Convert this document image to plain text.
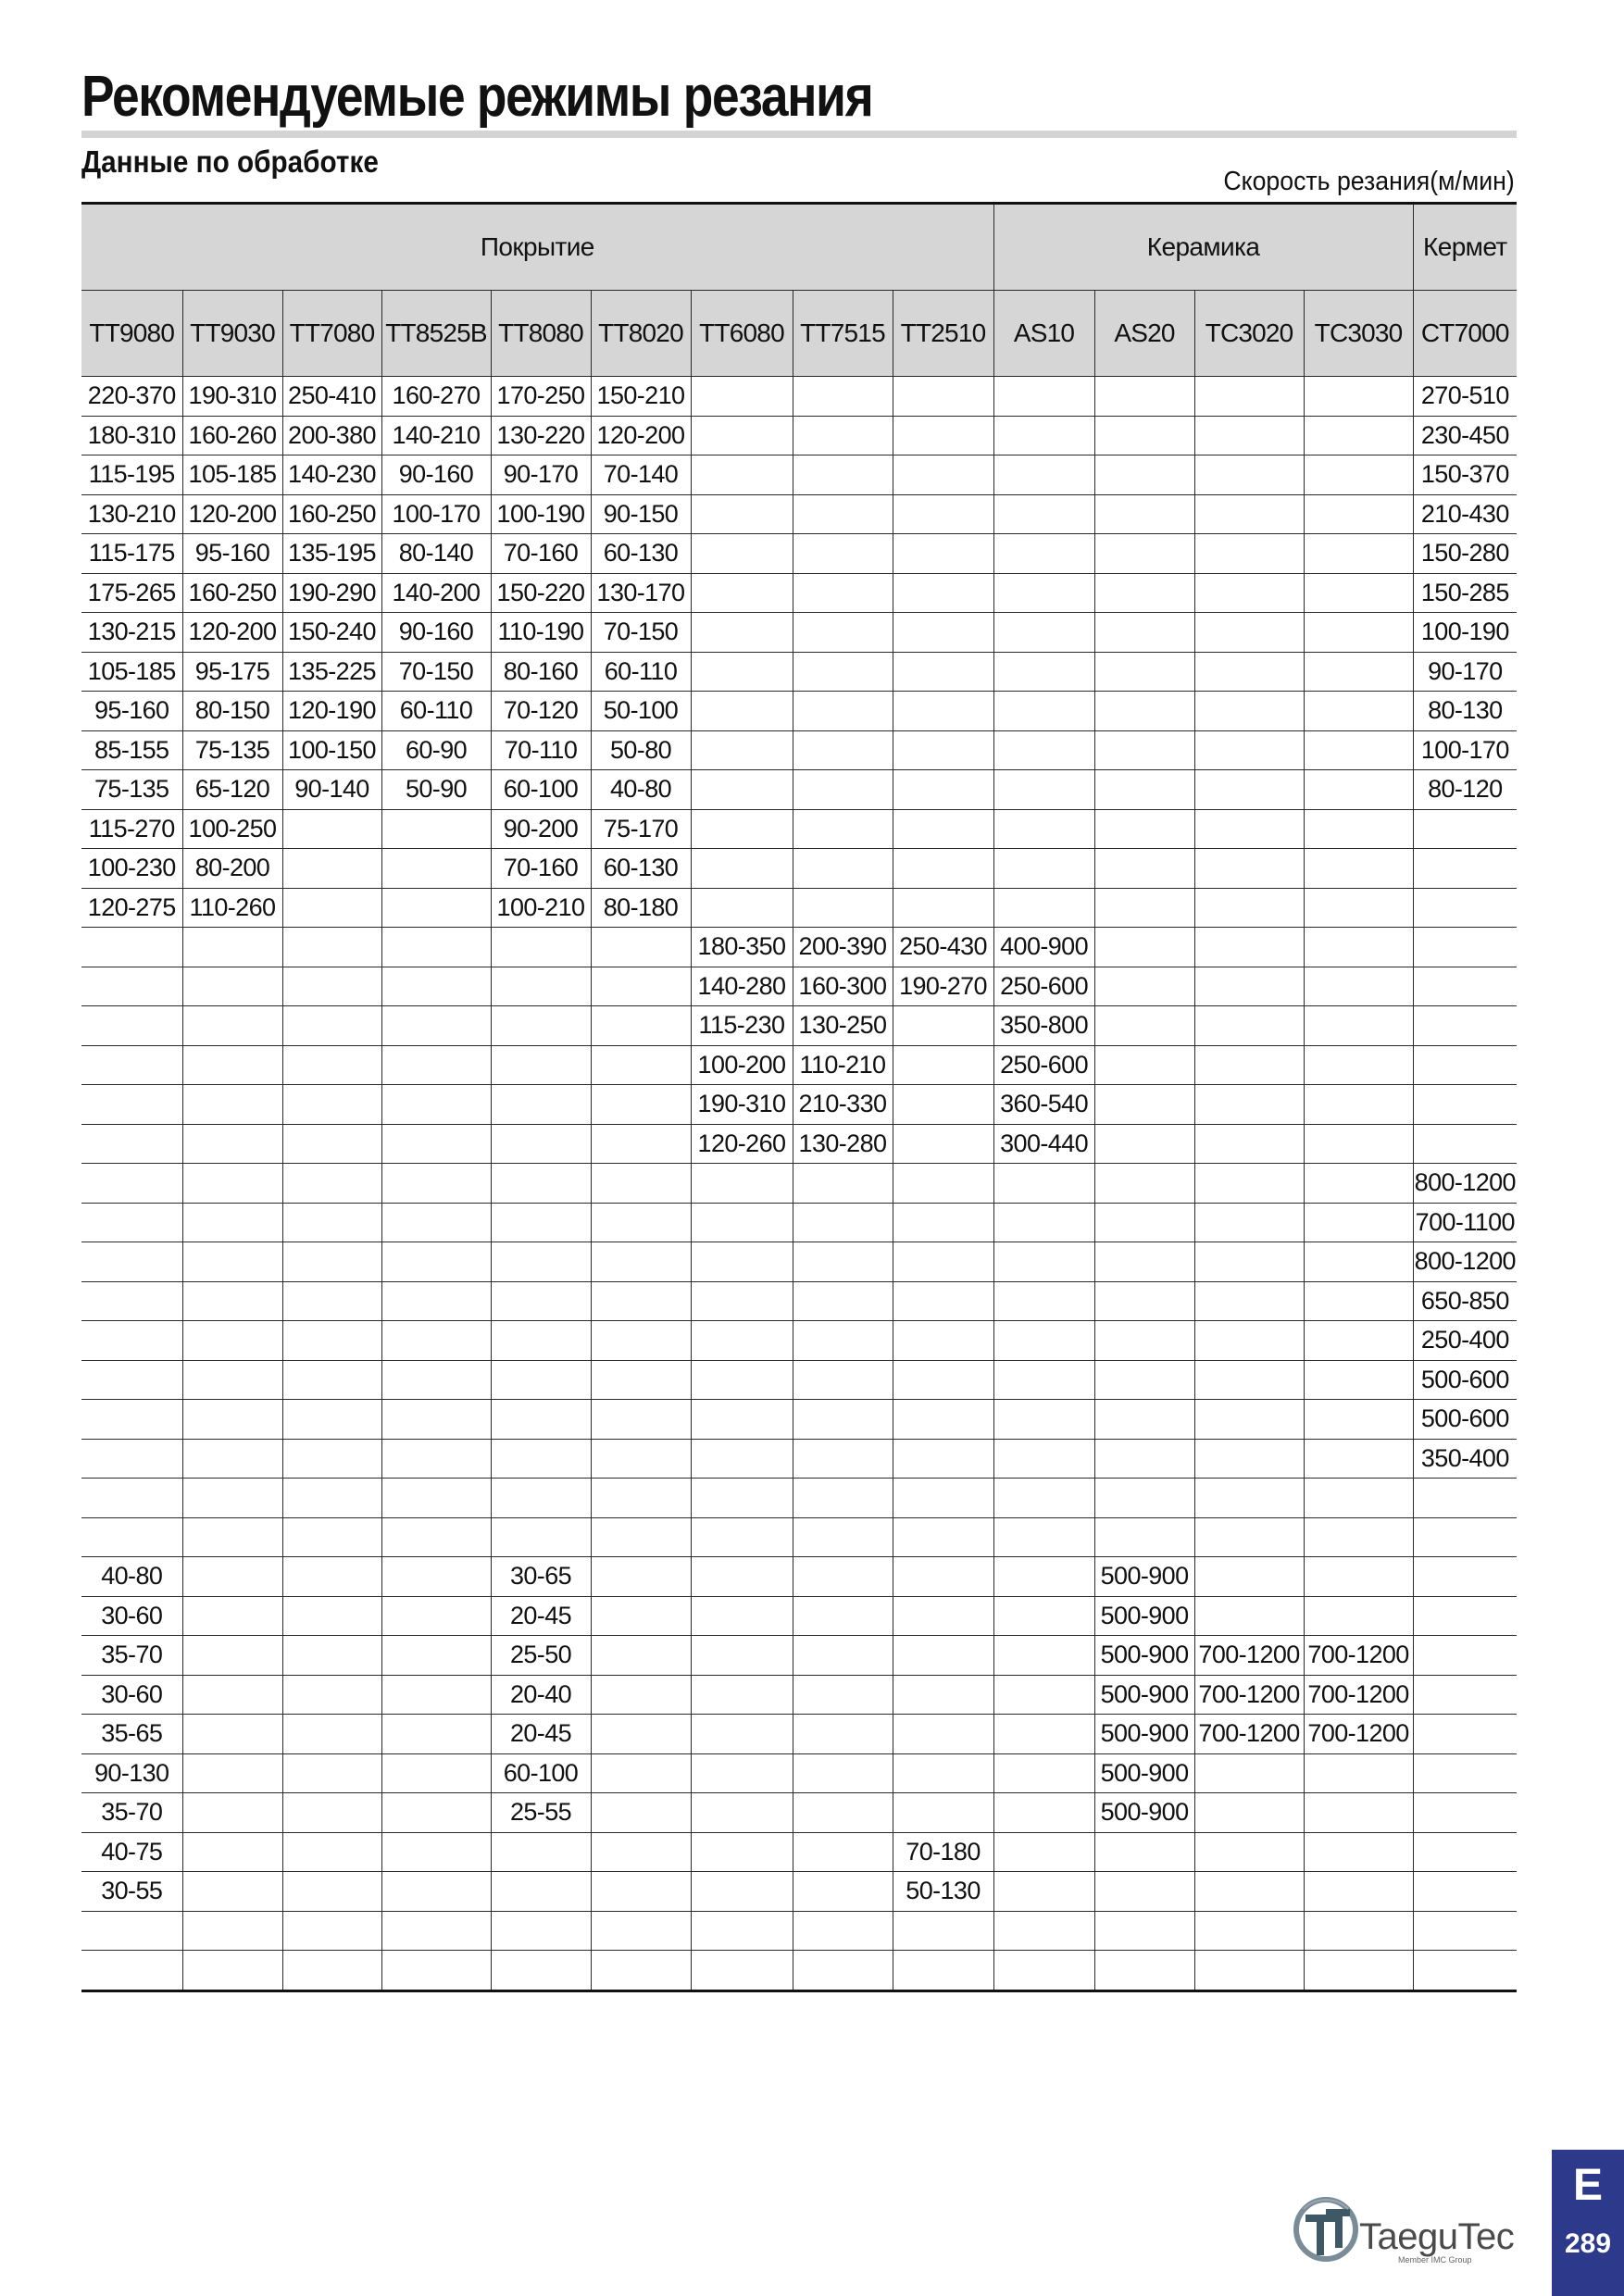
Рекомендуемые режимы резания
Данные по обработке
Скорость резания(м/мин)
Покрытие									Керамика				Кермет
TT9080	TT9030	TT7080	TT8525B	TT8080	TT8020	TT6080	TT7515	TT2510	AS10	AS20	TC3020	TC3030	CT7000
220-370	190-310	250-410	160-270	170-250	150-210								270-510
180-310	160-260	200-380	140-210	130-220	120-200								230-450
115-195	105-185	140-230	90-160	90-170	70-140								150-370
130-210	120-200	160-250	100-170	100-190	90-150								210-430
115-175	95-160	135-195	80-140	70-160	60-130								150-280
175-265	160-250	190-290	140-200	150-220	130-170								150-285
130-215	120-200	150-240	90-160	110-190	70-150								100-190
105-185	95-175	135-225	70-150	80-160	60-110								90-170
95-160	80-150	120-190	60-110	70-120	50-100								80-130
85-155	75-135	100-150	60-90	70-110	50-80								100-170
75-135	65-120	90-140	50-90	60-100	40-80								80-120
115-270	100-250			90-200	75-170								
100-230	80-200			70-160	60-130								
120-275	110-260			100-210	80-180								
						180-350	200-390	250-430	400-900				
						140-280	160-300	190-270	250-600				
						115-230	130-250		350-800				
						100-200	110-210		250-600				
						190-310	210-330		360-540				
						120-260	130-280		300-440				
													800-1200
													700-1100
													800-1200
													650-850
													250-400
													500-600
													500-600
													350-400

40-80				30-65						500-900			
30-60				20-45						500-900			
35-70				25-50						500-900	700-1200	700-1200	
30-60				20-40						500-900	700-1200	700-1200	
35-65				20-45						500-900	700-1200	700-1200	
90-130				60-100						500-900			
35-70				25-55						500-900			
40-75								70-180					
30-55								50-130					

TaeguTec
Member IMC Group
E
289
